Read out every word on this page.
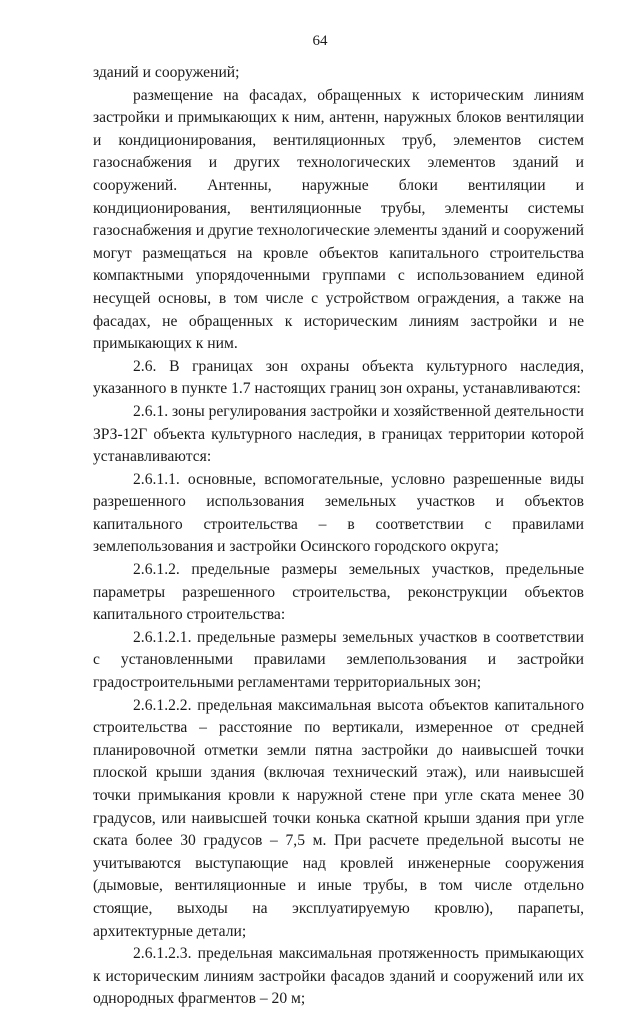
64

зданий и сооружений;

размещение на фасадах, обращенных к историческим линиям застройки и примыкающих к ним, антенн, наружных блоков вентиляции и кондиционирования, вентиляционных труб, элементов систем газоснабжения и других технологических элементов зданий и сооружений. Антенны, наружные блоки вентиляции и кондиционирования, вентиляционные трубы, элементы системы газоснабжения и другие технологические элементы зданий и сооружений могут размещаться на кровле объектов капитального строительства компактными упорядоченными группами с использованием единой несущей основы, в том числе с устройством ограждения, а также на фасадах, не обращенных к историческим линиям застройки и не примыкающих к ним.

2.6. В границах зон охраны объекта культурного наследия, указанного в пункте 1.7 настоящих границ зон охраны, устанавливаются:

2.6.1. зоны регулирования застройки и хозяйственной деятельности ЗРЗ-12Г объекта культурного наследия, в границах территории которой устанавливаются:

2.6.1.1. основные, вспомогательные, условно разрешенные виды разрешенного использования земельных участков и объектов капитального строительства – в соответствии с правилами землепользования и застройки Осинского городского округа;

2.6.1.2. предельные размеры земельных участков, предельные параметры разрешенного строительства, реконструкции объектов капитального строительства:

2.6.1.2.1. предельные размеры земельных участков в соответствии с установленными правилами землепользования и застройки градостроительными регламентами территориальных зон;

2.6.1.2.2. предельная максимальная высота объектов капитального строительства – расстояние по вертикали, измеренное от средней планировочной отметки земли пятна застройки до наивысшей точки плоской крыши здания (включая технический этаж), или наивысшей точки примыкания кровли к наружной стене при угле ската менее 30 градусов, или наивысшей точки конька скатной крыши здания при угле ската более 30 градусов – 7,5 м. При расчете предельной высоты не учитываются выступающие над кровлей инженерные сооружения (дымовые, вентиляционные и иные трубы, в том числе отдельно стоящие, выходы на эксплуатируемую кровлю), парапеты, архитектурные детали;

2.6.1.2.3. предельная максимальная протяженность примыкающих к историческим линиям застройки фасадов зданий и сооружений или их однородных фрагментов – 20 м;
